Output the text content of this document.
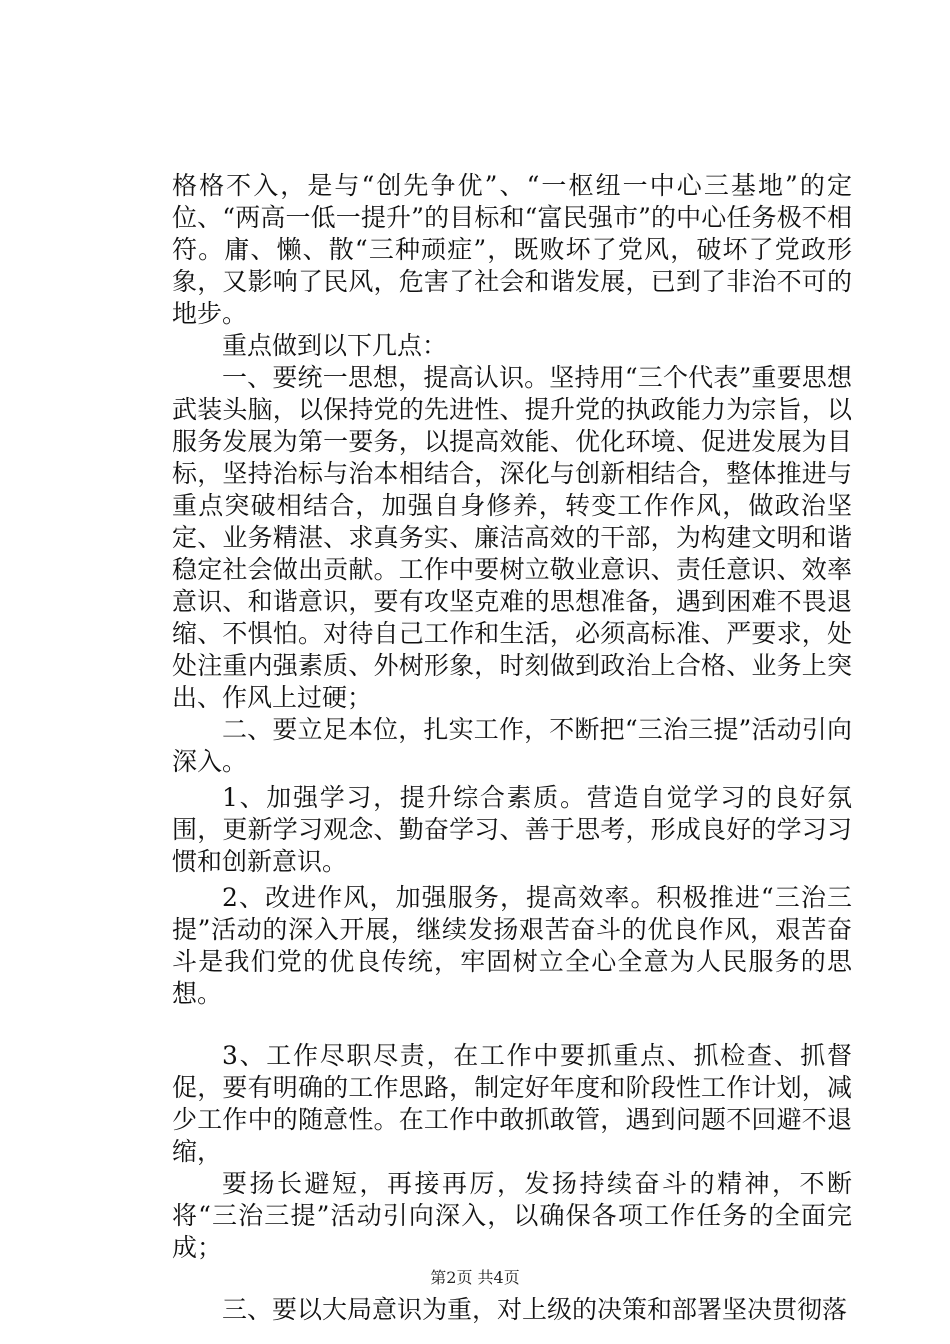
格格不入，是与“创先争优”、“一枢纽一中心三基地”的定位、“两高一低一提升”的目标和“富民强市”的中心任务极不相符。庸、懒、散“三种顽症”，既败坏了党风，破坏了党政形象，又影响了民风，危害了社会和谐发展，已到了非治不可的地步。

重点做到以下几点：

一、要统一思想，提高认识。坚持用“三个代表”重要思想武装头脑，以保持党的先进性、提升党的执政能力为宗旨，以服务发展为第一要务，以提高效能、优化环境、促进发展为目标，坚持治标与治本相结合，深化与创新相结合，整体推进与重点突破相结合，加强自身修养，转变工作作风，做政治坚定、业务精湛、求真务实、廉洁高效的干部，为构建文明和谐稳定社会做出贡献。工作中要树立敬业意识、责任意识、效率意识、和谐意识，要有攻坚克难的思想准备，遇到困难不畏退缩、不惧怕。对待自己工作和生活，必须高标准、严要求，处处注重内强素质、外树形象，时刻做到政治上合格、业务上突出、作风上过硬；

二、要立足本位，扎实工作，不断把“三治三提”活动引向深入。

1、加强学习，提升综合素质。营造自觉学习的良好氛围，更新学习观念、勤奋学习、善于思考，形成良好的学习习惯和创新意识。

2、改进作风，加强服务，提高效率。积极推进“三治三提”活动的深入开展，继续发扬艰苦奋斗的优良作风，艰苦奋斗是我们党的优良传统，牢固树立全心全意为人民服务的思想。

3、工作尽职尽责，在工作中要抓重点、抓检查、抓督促，要有明确的工作思路，制定好年度和阶段性工作计划，减少工作中的随意性。在工作中敢抓敢管，遇到问题不回避不退缩，

要扬长避短，再接再厉，发扬持续奋斗的精神，不断将“三治三提”活动引向深入，以确保各项工作任务的全面完成；

三、要以大局意识为重，对上级的决策和部署坚决贯彻落

第2页 共4页
